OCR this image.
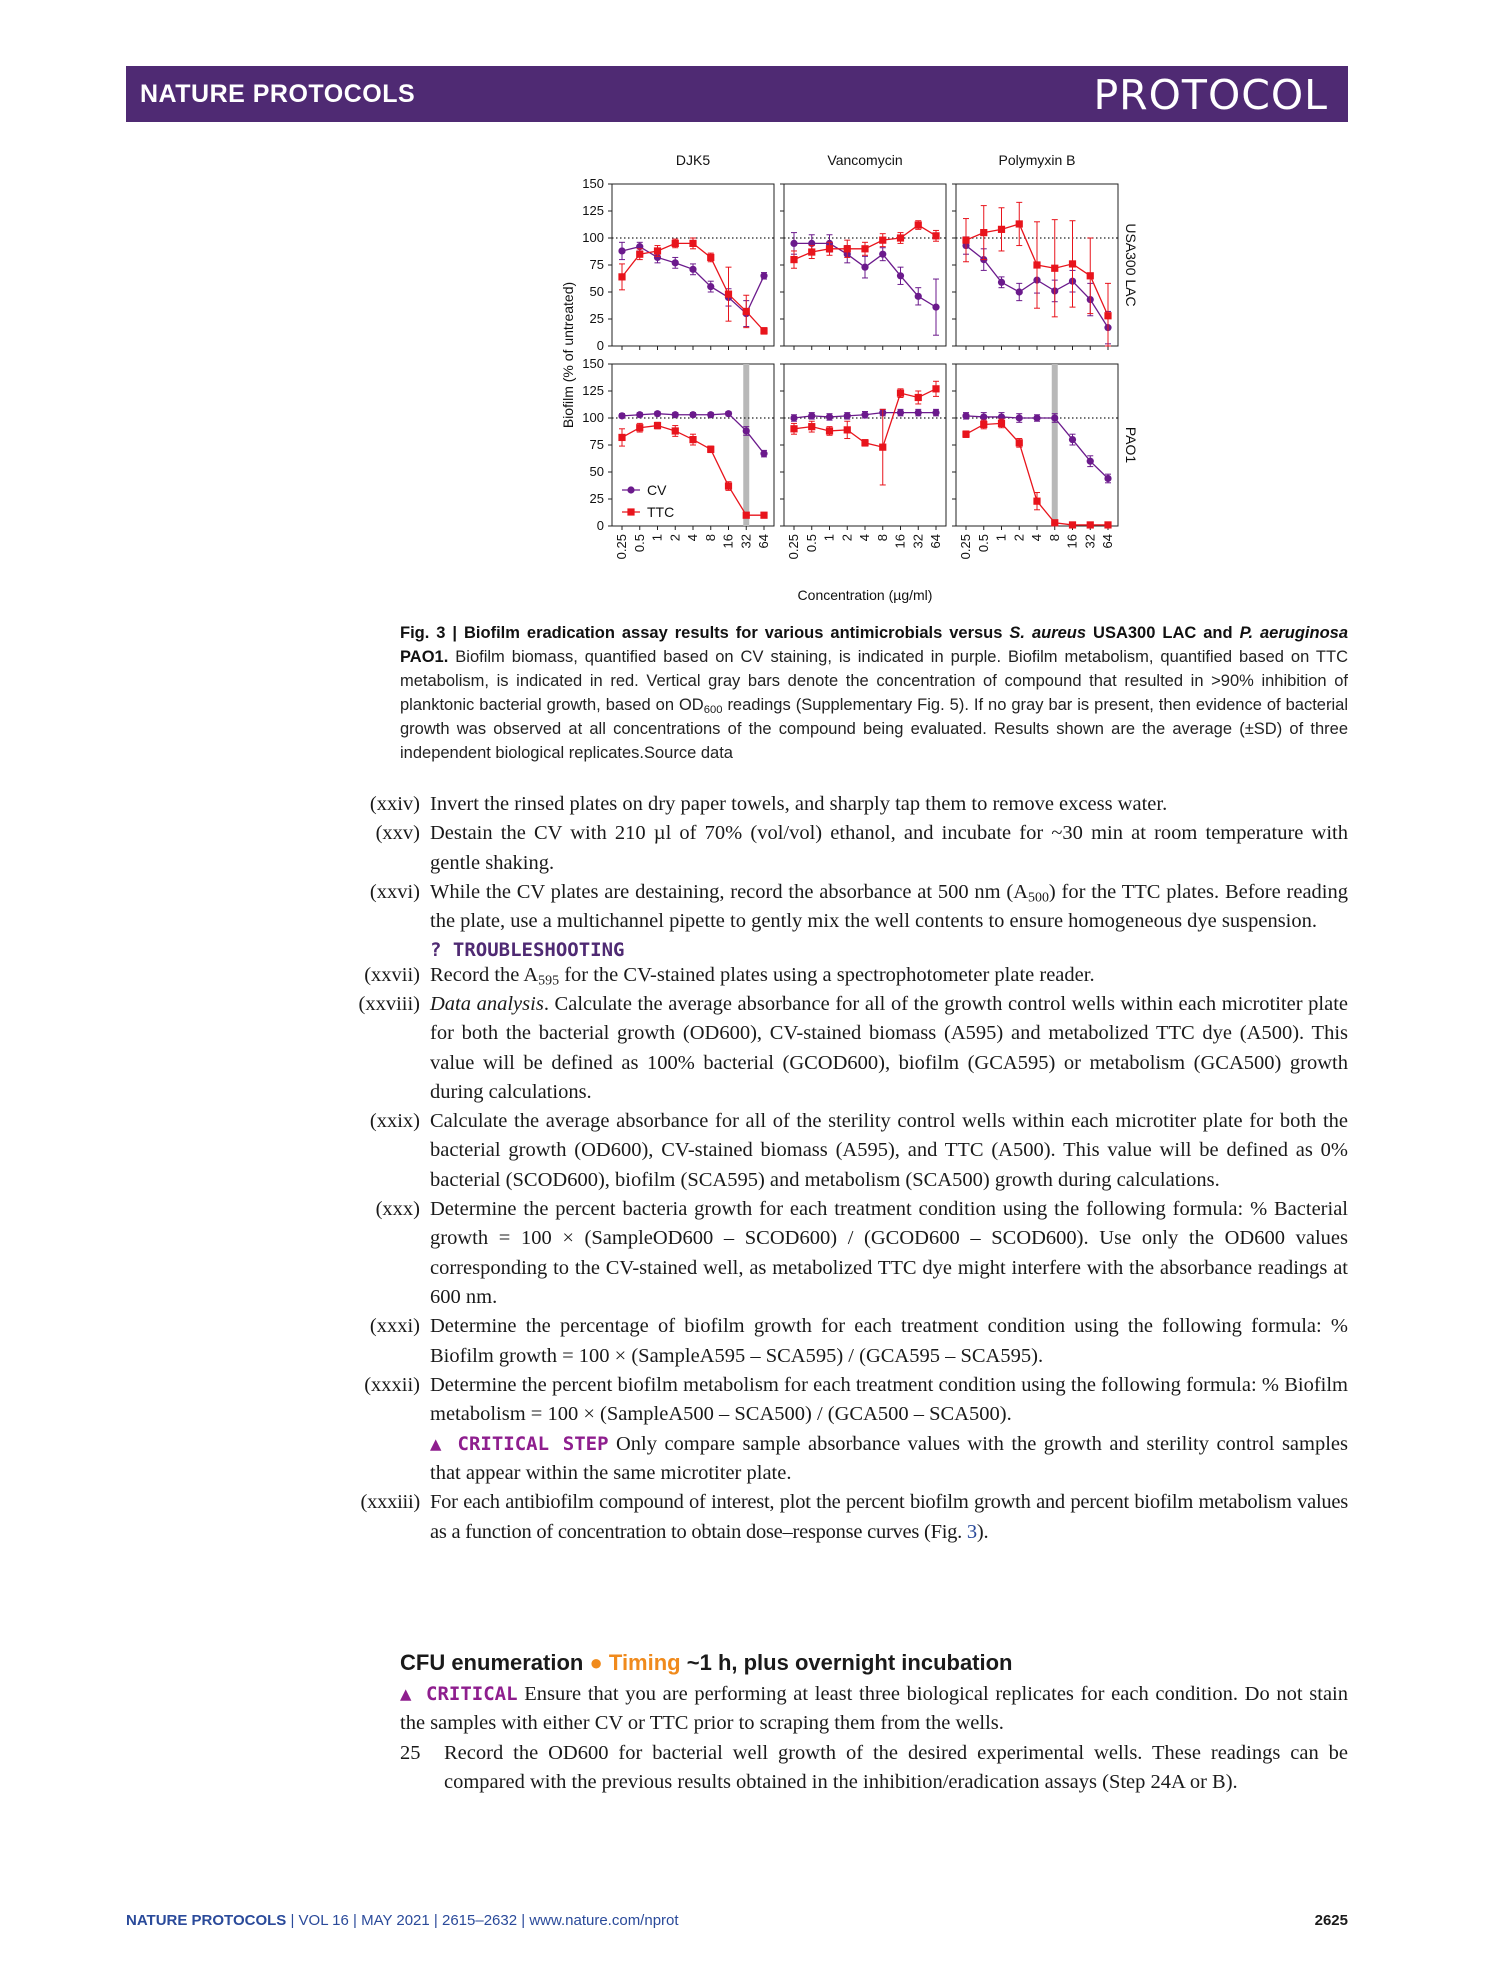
NATURE PROTOCOLS	PROTOCOL
Biofilm (% of untreated)
DJK5	Vancomycin	Polymyxin B
USA300 LAC
PAO1
0
25
50
75
100
125
150
0
25
50
75
100
125
150
0.25 0.5 1 2 4 8 16 32 64 0.25 0.5 1 2 4 8 16 32 64 0.25 0.5 1 2 4 8 16 32 64
Concentration (µg/ml)
CV
TTC
Fig. 3 | Biofilm eradication assay results for various antimicrobials versus S. aureus USA300 LAC and P. aeruginosa PAO1. Biofilm biomass, quantified based on CV staining, is indicated in purple. Biofilm metabolism, quantified based on TTC metabolism, is indicated in red. Vertical gray bars denote the concentration of compound that resulted in >90% inhibition of planktonic bacterial growth, based on $OD_{600}$ readings (Supplementary Fig. 5). If no gray bar is present, then evidence of bacterial growth was observed at all concentrations of the compound being evaluated. Results shown are the average (±SD) of three independent biological replicates.Source data

(xxiv) Invert the rinsed plates on dry paper towels, and sharply tap them to remove excess water.

(xxv) Destain the CV with 210 µl of 70% (vol/vol) ethanol, and incubate for ~30 min at room temperature with gentle shaking.

(xxvi) While the CV plates are destaining, record the absorbance at 500 nm $(A_{500})$ for the TTC plates. Before reading the plate, use a multichannel pipette to gently mix the well contents to ensure homogeneous dye suspension.
? TROUBLESHOOTING

(xxvii) Record the $A_{595}$ for the CV-stained plates using a spectrophotometer plate reader.

(xxviii) Data analysis. Calculate the average absorbance for all of the growth control wells within each microtiter plate for both the bacterial growth (OD600), CV-stained biomass (A595) and metabolized TTC dye (A500). This value will be defined as 100% bacterial (GCOD600), biofilm (GCA595) or metabolism (GCA500) growth during calculations.

(xxix) Calculate the average absorbance for all of the sterility control wells within each microtiter plate for both the bacterial growth (OD600), CV-stained biomass (A595), and TTC (A500). This value will be defined as 0% bacterial (SCOD600), biofilm (SCA595) and metabolism (SCA500) growth during calculations.

(xxx) Determine the percent bacteria growth for each treatment condition using the following formula: % Bacterial growth = 100 × (SampleOD600 – SCOD600) / (GCOD600 – SCOD600). Use only the OD600 values corresponding to the CV-stained well, as metabolized TTC dye might interfere with the absorbance readings at 600 nm.

(xxxi) Determine the percentage of biofilm growth for each treatment condition using the following formula: % Biofilm growth = 100 × (SampleA595 – SCA595) / (GCA595 – SCA595).

(xxxii) Determine the percent biofilm metabolism for each treatment condition using the following formula: % Biofilm metabolism = 100 × (SampleA500 – SCA500) / (GCA500 – SCA500).

▲ CRITICAL STEP Only compare sample absorbance values with the growth and sterility control samples that appear within the same microtiter plate.

(xxxiii) For each antibiofilm compound of interest, plot the percent biofilm growth and percent biofilm metabolism values as a function of concentration to obtain dose–response curves (Fig. 3).

CFU enumeration ● Timing ~1 h, plus overnight incubation
▲ CRITICAL Ensure that you are performing at least three biological replicates for each condition. Do not stain the samples with either CV or TTC prior to scraping them from the wells.
25 Record the OD600 for bacterial well growth of the desired experimental wells. These readings can be compared with the previous results obtained in the inhibition/eradication assays (Step 24A or B).
NATURE PROTOCOLS | VOL 16 | MAY 2021 | 2615–2632 | www.nature.com/nprot	2625
